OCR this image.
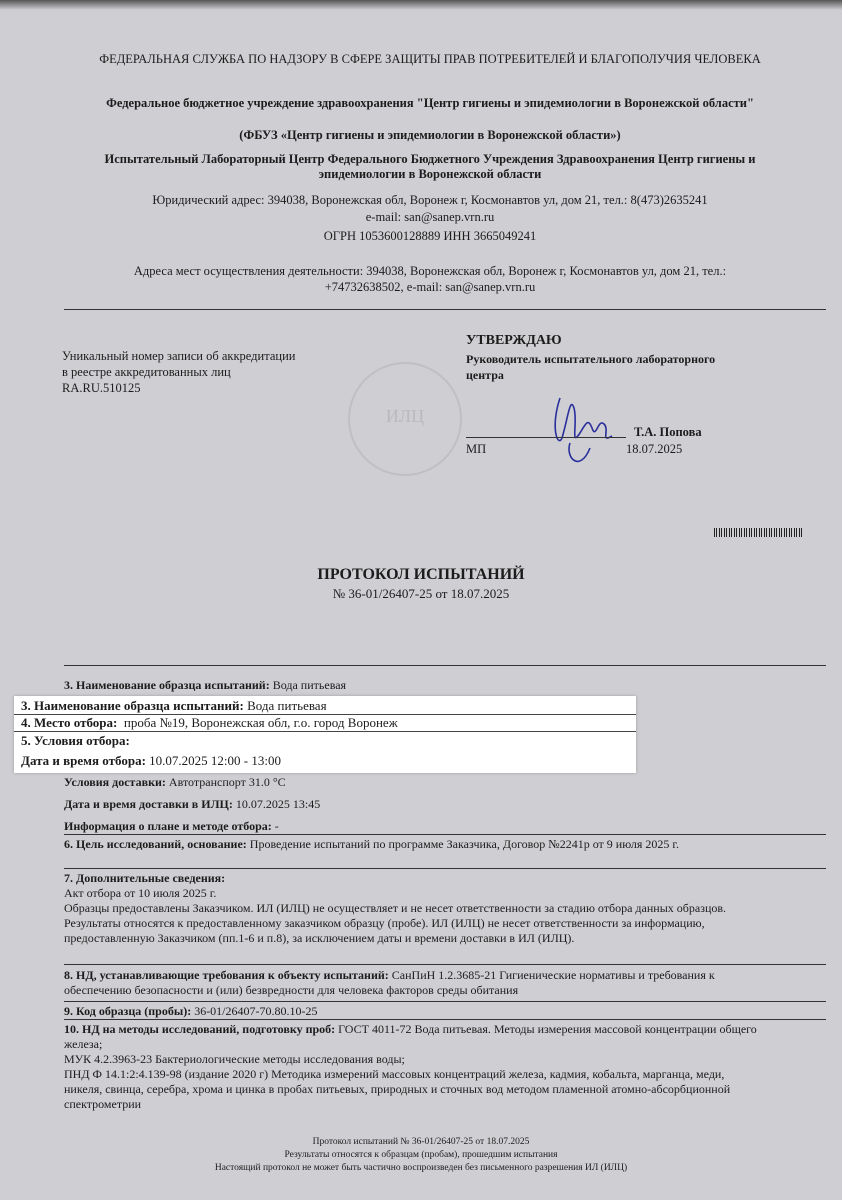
ФЕДЕРАЛЬНАЯ СЛУЖБА ПО НАДЗОРУ В СФЕРЕ ЗАЩИТЫ ПРАВ ПОТРЕБИТЕЛЕЙ И БЛАГОПОЛУЧИЯ ЧЕЛОВЕКА
Федеральное бюджетное учреждение здравоохранения "Центр гигиены и эпидемиологии в Воронежской области"
(ФБУЗ «Центр гигиены и эпидемиологии в Воронежской области»)
Испытательный Лабораторный Центр Федерального Бюджетного Учреждения Здравоохранения Центр гигиены и эпидемиологии в Воронежской области
Юридический адрес: 394038, Воронежская обл, Воронеж г, Космонавтов ул, дом 21, тел.: 8(473)2635241
e-mail: san@sanep.vrn.ru
ОГРН 1053600128889 ИНН 3665049241
Адреса мест осуществления деятельности: 394038, Воронежская обл, Воронеж г, Космонавтов ул, дом 21, тел.:
+74732638502, e-mail: san@sanep.vrn.ru
Уникальный номер записи об аккредитации
в реестре аккредитованных лиц
RA.RU.510125
ИЛЦ
УТВЕРЖДАЮ
Руководитель испытательного лабораторного
центра
Т.А. Попова
МП	18.07.2025
ПРОТОКОЛ ИСПЫТАНИЙ
№ 36-01/26407-25 от 18.07.2025
3. Наименование образца испытаний: Вода питьевая
3. Наименование образца испытаний: Вода питьевая
4. Место отбора: проба №19, Воронежская обл, г.о. город Воронеж
5. Условия отбора:
Дата и время отбора: 10.07.2025 12:00 - 13:00
Условия доставки: Автотранспорт 31.0 °С
Дата и время доставки в ИЛЦ: 10.07.2025 13:45
Информация о плане и методе отбора: -
6. Цель исследований, основание: Проведение испытаний по программе Заказчика, Договор №2241р от 9 июля 2025 г.
7. Дополнительные сведения:
Акт отбора от 10 июля 2025 г.
Образцы предоставлены Заказчиком. ИЛ (ИЛЦ) не осуществляет и не несет ответственности за стадию отбора данных образцов. Результаты относятся к предоставленному заказчиком образцу (пробе). ИЛ (ИЛЦ) не несет ответственности за информацию, предоставленную Заказчиком (пп.1-6 и п.8), за исключением даты и времени доставки в ИЛ (ИЛЦ).
8. НД, устанавливающие требования к объекту испытаний: СанПиН 1.2.3685-21 Гигиенические нормативы и требования к обеспечению безопасности и (или) безвредности для человека факторов среды обитания
9. Код образца (пробы): 36-01/26407-70.80.10-25
10. НД на методы исследований, подготовку проб: ГОСТ 4011-72 Вода питьевая. Методы измерения массовой концентрации общего железа;
МУК 4.2.3963-23 Бактериологические методы исследования воды;
ПНД Ф 14.1:2:4.139-98 (издание 2020 г) Методика измерений массовых концентраций железа, кадмия, кобальта, марганца, меди, никеля, свинца, серебра, хрома и цинка в пробах питьевых, природных и сточных вод методом пламенной атомно-абсорбционной спектрометрии
Протокол испытаний № 36-01/26407-25 от 18.07.2025
Результаты относятся к образцам (пробам), прошедшим испытания
Настоящий протокол не может быть частично воспроизведен без письменного разрешения ИЛ (ИЛЦ)
